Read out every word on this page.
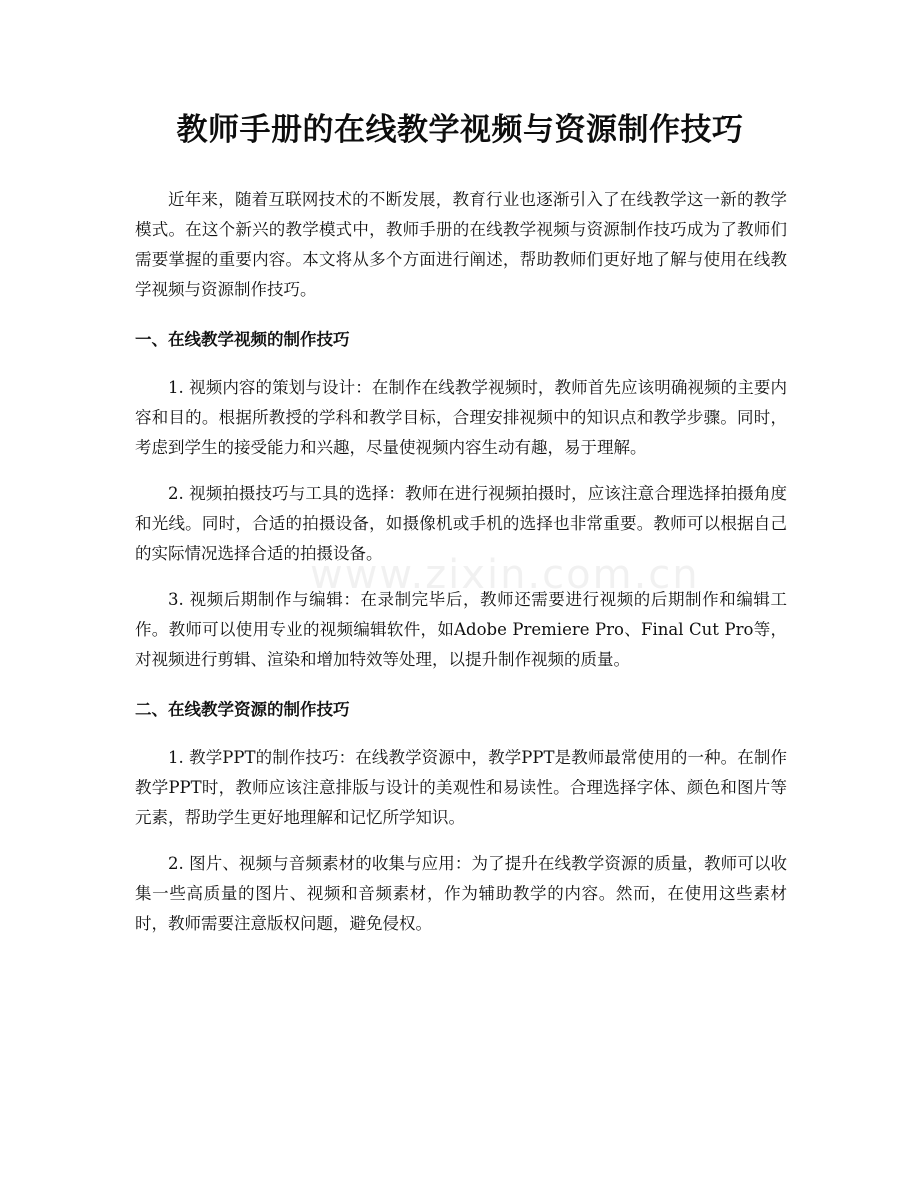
教师手册的在线教学视频与资源制作技巧

近年来，随着互联网技术的不断发展，教育行业也逐渐引入了在线教学这一新的教学模式。在这个新兴的教学模式中，教师手册的在线教学视频与资源制作技巧成为了教师们需要掌握的重要内容。本文将从多个方面进行阐述，帮助教师们更好地了解与使用在线教学视频与资源制作技巧。

一、在线教学视频的制作技巧

1. 视频内容的策划与设计：在制作在线教学视频时，教师首先应该明确视频的主要内容和目的。根据所教授的学科和教学目标，合理安排视频中的知识点和教学步骤。同时，考虑到学生的接受能力和兴趣，尽量使视频内容生动有趣，易于理解。

2. 视频拍摄技巧与工具的选择：教师在进行视频拍摄时，应该注意合理选择拍摄角度和光线。同时，合适的拍摄设备，如摄像机或手机的选择也非常重要。教师可以根据自己的实际情况选择合适的拍摄设备。

3. 视频后期制作与编辑：在录制完毕后，教师还需要进行视频的后期制作和编辑工作。教师可以使用专业的视频编辑软件，如Adobe Premiere Pro、Final Cut Pro等，对视频进行剪辑、渲染和增加特效等处理，以提升制作视频的质量。

二、在线教学资源的制作技巧

1. 教学PPT的制作技巧：在线教学资源中，教学PPT是教师最常使用的一种。在制作教学PPT时，教师应该注意排版与设计的美观性和易读性。合理选择字体、颜色和图片等元素，帮助学生更好地理解和记忆所学知识。

2. 图片、视频与音频素材的收集与应用：为了提升在线教学资源的质量，教师可以收集一些高质量的图片、视频和音频素材，作为辅助教学的内容。然而，在使用这些素材时，教师需要注意版权问题，避免侵权。

www.zixin.com.cn
